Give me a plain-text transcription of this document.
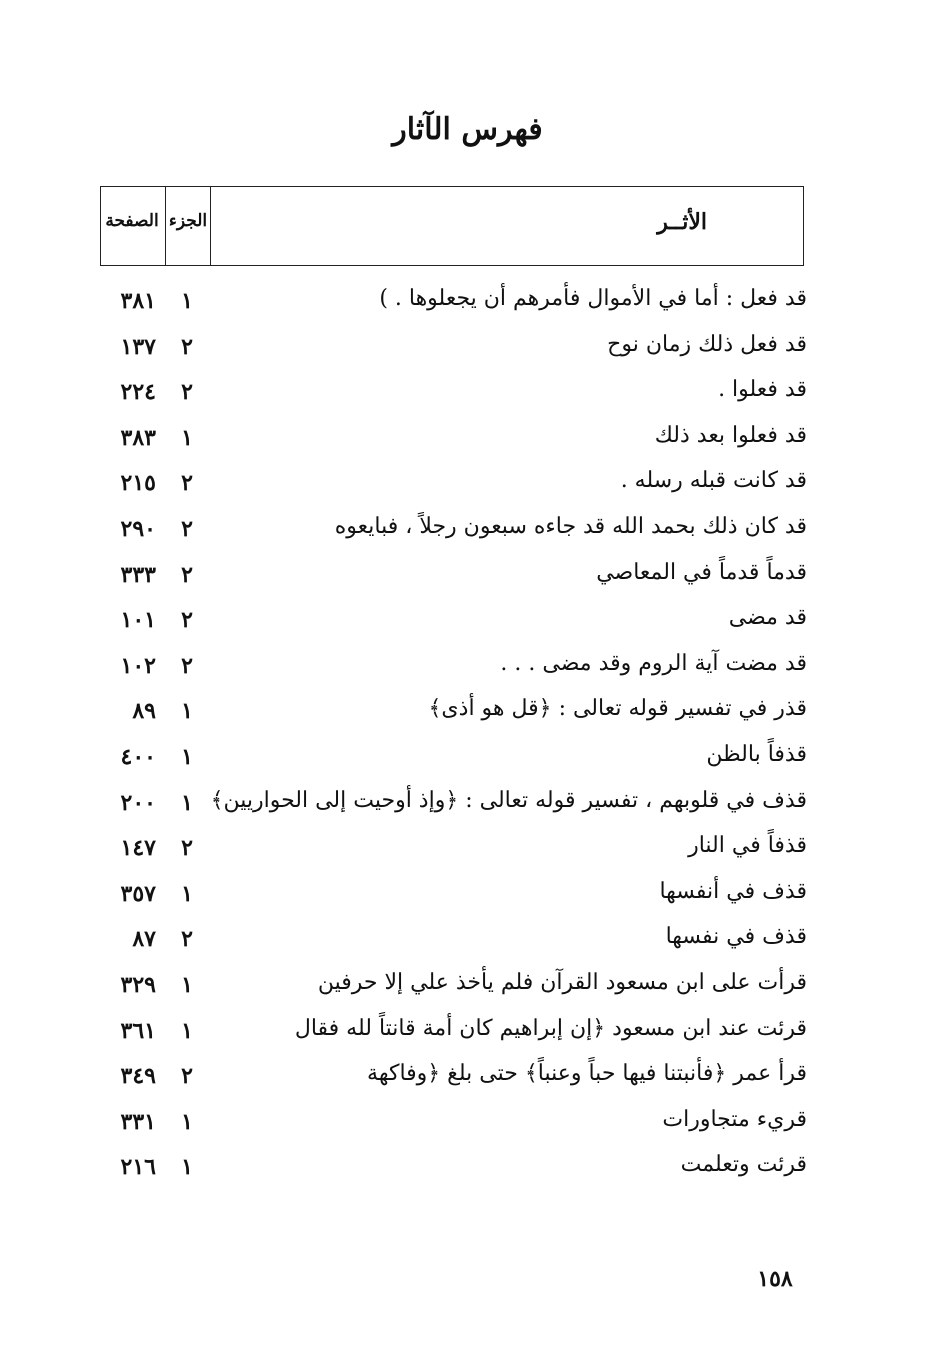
فهرس الآثار
الأثــر
الجزء
الصفحة
قد فعل : أما في الأموال فأمرهم أن يجعلوها . )
١
٣٨١
قد فعل ذلك زمان نوح
٢
١٣٧
قد فعلوا .
٢
٢٢٤
قد فعلوا بعد ذلك
١
٣٨٣
قد كانت قبله رسله .
٢
٢١٥
قد كان ذلك بحمد الله قد جاءه سبعون رجلاً ، فبايعوه
٢
٢٩٠
قدماً قدماً في المعاصي
٢
٣٣٣
قد مضى
٢
١٠١
قد مضت آية الروم وقد مضى . . .
٢
١٠٢
قذر في تفسير قوله تعالى : ﴿قل هو أذى﴾
١
٨٩
قذفاً بالظن
١
٤٠٠
قذف في قلوبهم ، تفسير قوله تعالى : ﴿وإذ أوحيت إلى الحواريين﴾
١
٢٠٠
قذفاً في النار
٢
١٤٧
قذف في أنفسها
١
٣٥٧
قذف في نفسها
٢
٨٧
قرأت على ابن مسعود القرآن فلم يأخذ علي إلا حرفين
١
٣٢٩
قرئت عند ابن مسعود ﴿إن إبراهيم كان أمة قانتاً لله فقال
١
٣٦١
قرأ عمر ﴿فأنبتنا فيها حباً وعنباً﴾ حتى بلغ ﴿وفاكهة
٢
٣٤٩
قريء متجاورات
١
٣٣١
قرئت وتعلمت
١
٢١٦
١٥٨
